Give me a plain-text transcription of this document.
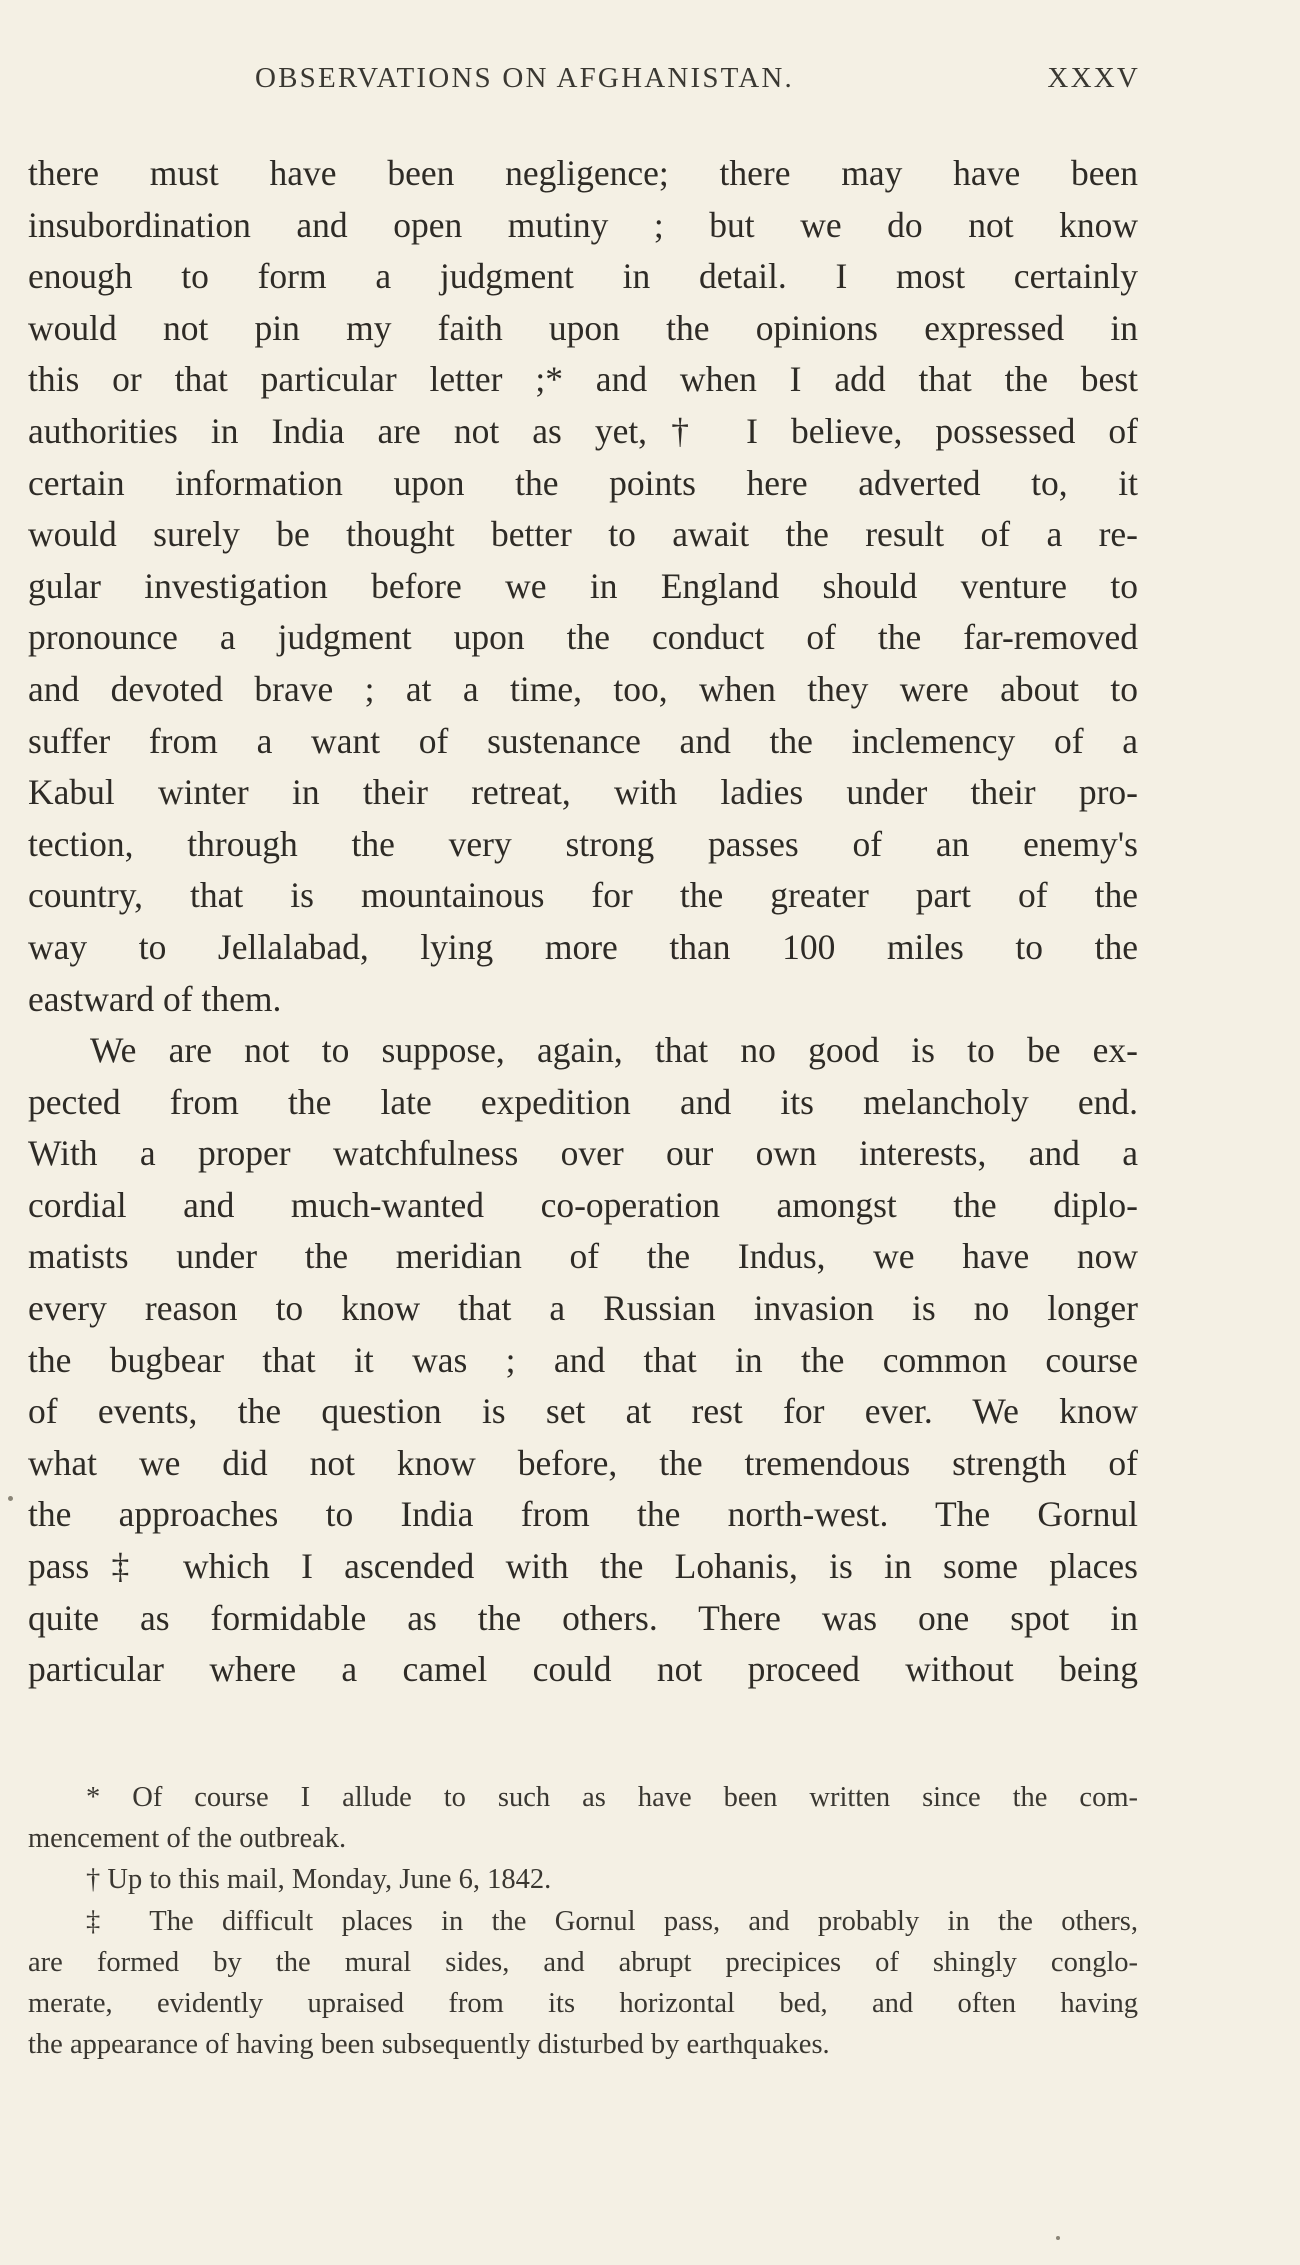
OBSERVATIONS ON AFGHANISTAN.	XXXV
there must have been negligence; there may have been
insubordination and open mutiny ; but we do not know
enough to form a judgment in detail. I most certainly
would not pin my faith upon the opinions expressed in
this or that particular letter ;* and when I add that the best
authorities in India are not as yet,† I believe, possessed of
certain information upon the points here adverted to, it
would surely be thought better to await the result of a re-
gular investigation before we in England should venture to
pronounce a judgment upon the conduct of the far-removed
and devoted brave ; at a time, too, when they were about to
suffer from a want of sustenance and the inclemency of a
Kabul winter in their retreat, with ladies under their pro-
tection, through the very strong passes of an enemy's
country, that is mountainous for the greater part of the
way to Jellalabad, lying more than 100 miles to the
eastward of them.
We are not to suppose, again, that no good is to be ex-
pected from the late expedition and its melancholy end.
With a proper watchfulness over our own interests, and a
cordial and much-wanted co-operation amongst the diplo-
matists under the meridian of the Indus, we have now
every reason to know that a Russian invasion is no longer
the bugbear that it was ; and that in the common course
of events, the question is set at rest for ever. We know
what we did not know before, the tremendous strength of
the approaches to India from the north-west. The Gornul
pass‡ which I ascended with the Lohanis, is in some places
quite as formidable as the others. There was one spot in
particular where a camel could not proceed without being
* Of course I allude to such as have been written since the com-
mencement of the outbreak.
† Up to this mail, Monday, June 6, 1842.
‡ The difficult places in the Gornul pass, and probably in the others,
are formed by the mural sides, and abrupt precipices of shingly conglo-
merate, evidently upraised from its horizontal bed, and often having
the appearance of having been subsequently disturbed by earthquakes.
